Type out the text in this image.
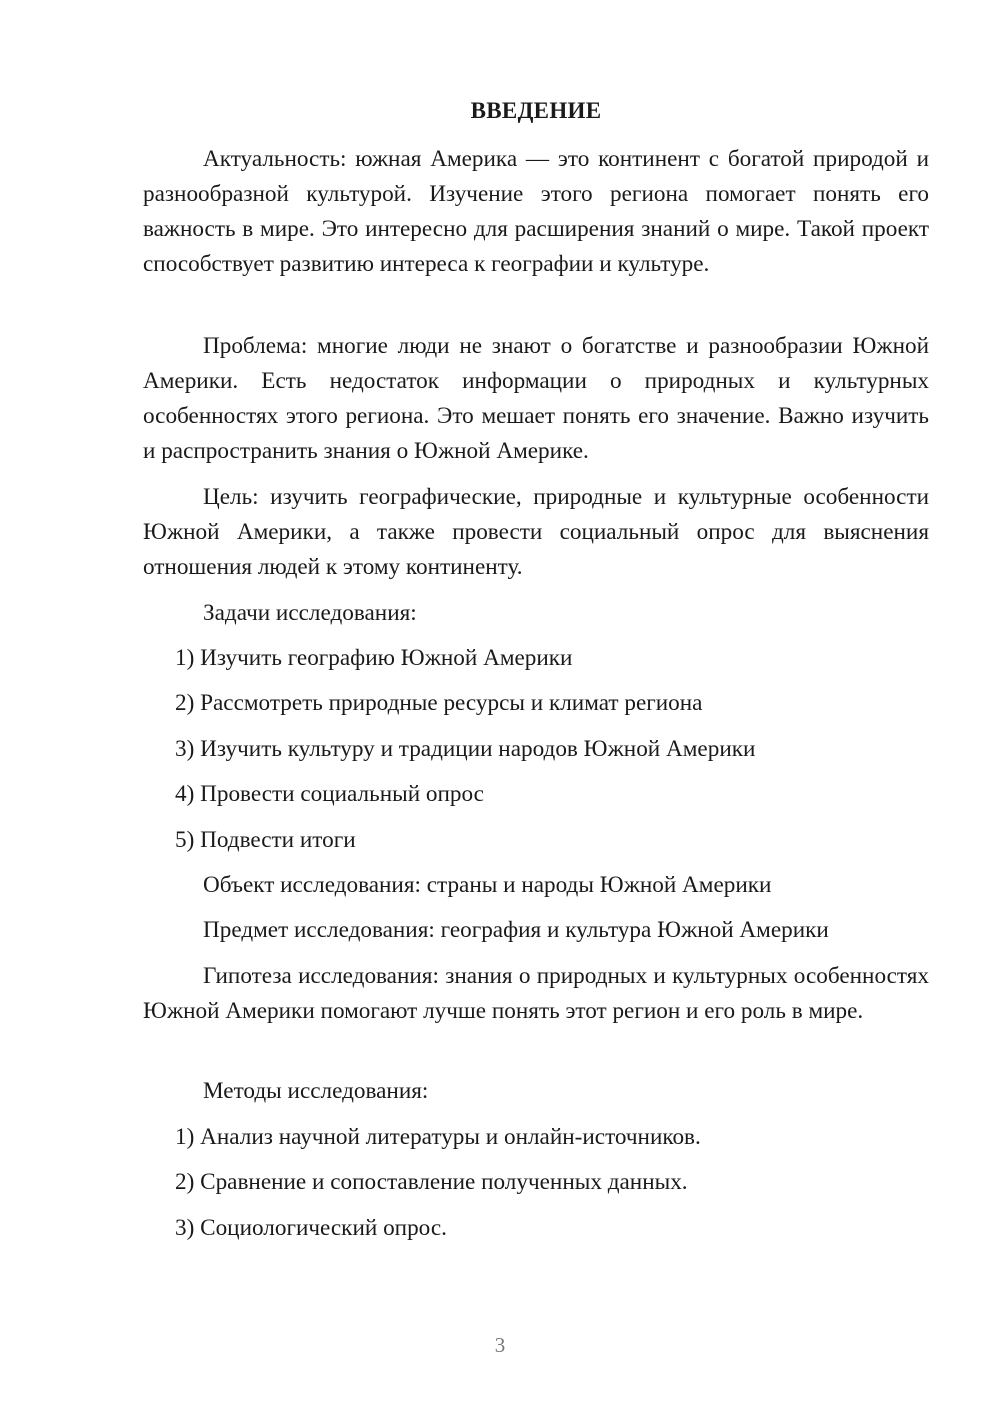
ВВЕДЕНИЕ

Актуальность: южная Америка — это континент с богатой природой и разнообразной культурой. Изучение этого региона помогает понять его важность в мире. Это интересно для расширения знаний о мире. Такой проект способствует развитию интереса к географии и культуре.

Проблема: многие люди не знают о богатстве и разнообразии Южной Америки. Есть недостаток информации о природных и культурных особенностях этого региона. Это мешает понять его значение. Важно изучить и распространить знания о Южной Америке.

Цель: изучить географические, природные и культурные особенности Южной Америки, а также провести социальный опрос для выяснения отношения людей к этому континенту.

Задачи исследования:

1) Изучить географию Южной Америки

2) Рассмотреть природные ресурсы и климат региона

3) Изучить культуру и традиции народов Южной Америки

4) Провести социальный опрос

5) Подвести итоги

Объект исследования: страны и народы Южной Америки

Предмет исследования: география и культура Южной Америки

Гипотеза исследования: знания о природных и культурных особенностях Южной Америки помогают лучше понять этот регион и его роль в мире.

Методы исследования:

1) Анализ научной литературы и онлайн-источников.

2) Сравнение и сопоставление полученных данных.

3) Социологический опрос.

3
